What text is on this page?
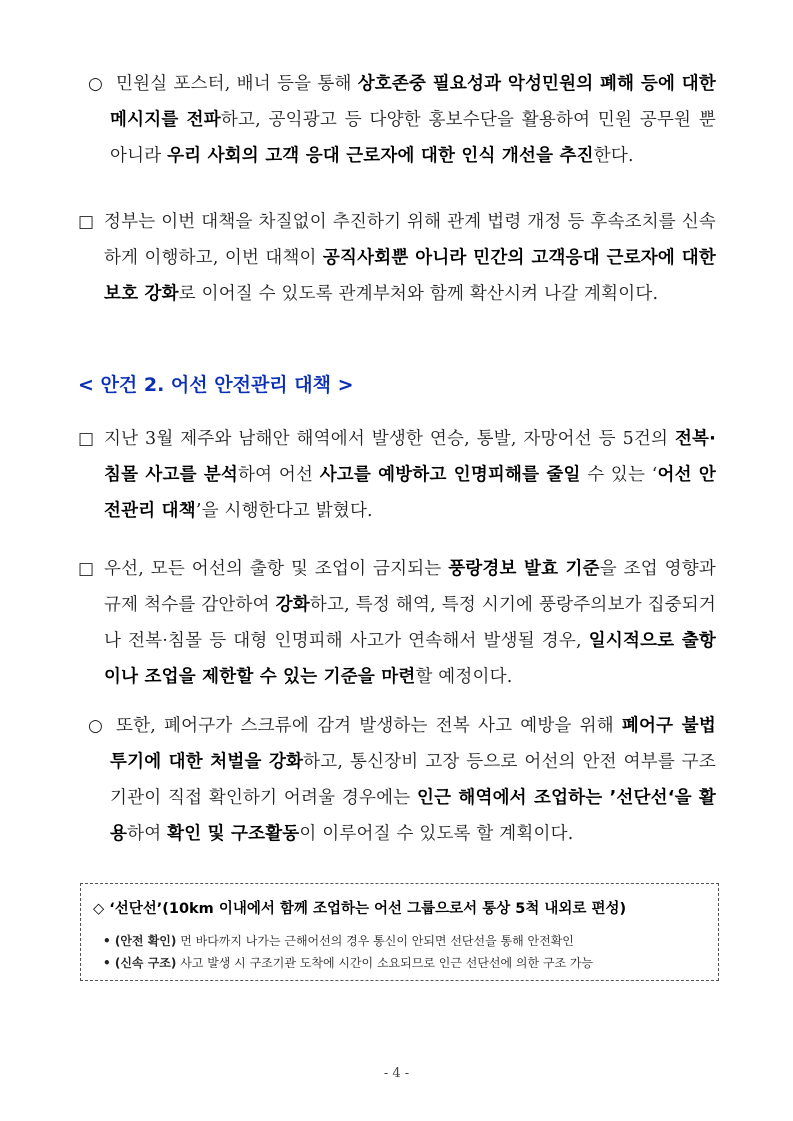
○ 민원실 포스터, 배너 등을 통해 상호존중 필요성과 악성민원의 폐해 등에 대한 메시지를 전파하고, 공익광고 등 다양한 홍보수단을 활용하여 민원 공무원 뿐 아니라 우리 사회의 고객 응대 근로자에 대한 인식 개선을 추진한다.
□ 정부는 이번 대책을 차질없이 추진하기 위해 관계 법령 개정 등 후속조치를 신속하게 이행하고, 이번 대책이 공직사회뿐 아니라 민간의 고객응대 근로자에 대한 보호 강화로 이어질 수 있도록 관계부처와 함께 확산시켜 나갈 계획이다.
< 안건 2. 어선 안전관리 대책 >
□ 지난 3월 제주와 남해안 해역에서 발생한 연승, 통발, 자망어선 등 5건의 전복·침몰 사고를 분석하여 어선 사고를 예방하고 인명피해를 줄일 수 있는 ‘어선 안전관리 대책’을 시행한다고 밝혔다.
□ 우선, 모든 어선의 출항 및 조업이 금지되는 풍랑경보 발효 기준을 조업 영향과 규제 척수를 감안하여 강화하고, 특정 해역, 특정 시기에 풍랑주의보가 집중되거나 전복·침몰 등 대형 인명피해 사고가 연속해서 발생될 경우, 일시적으로 출항이나 조업을 제한할 수 있는 기준을 마련할 예정이다.
○ 또한, 폐어구가 스크류에 감겨 발생하는 전복 사고 예방을 위해 폐어구 불법 투기에 대한 처벌을 강화하고, 통신장비 고장 등으로 어선의 안전 여부를 구조기관이 직접 확인하기 어려울 경우에는 인근 해역에서 조업하는 ’선단선‘을 활용하여 확인 및 구조활동이 이루어질 수 있도록 할 계획이다.
◇ ‘선단선’(10km 이내에서 함께 조업하는 어선 그룹으로서 통상 5척 내외로 편성)
• (안전 확인) 먼 바다까지 나가는 근해어선의 경우 통신이 안되면 선단선을 통해 안전확인
• (신속 구조) 사고 발생 시 구조기관 도착에 시간이 소요되므로 인근 선단선에 의한 구조 가능
- 4 -
